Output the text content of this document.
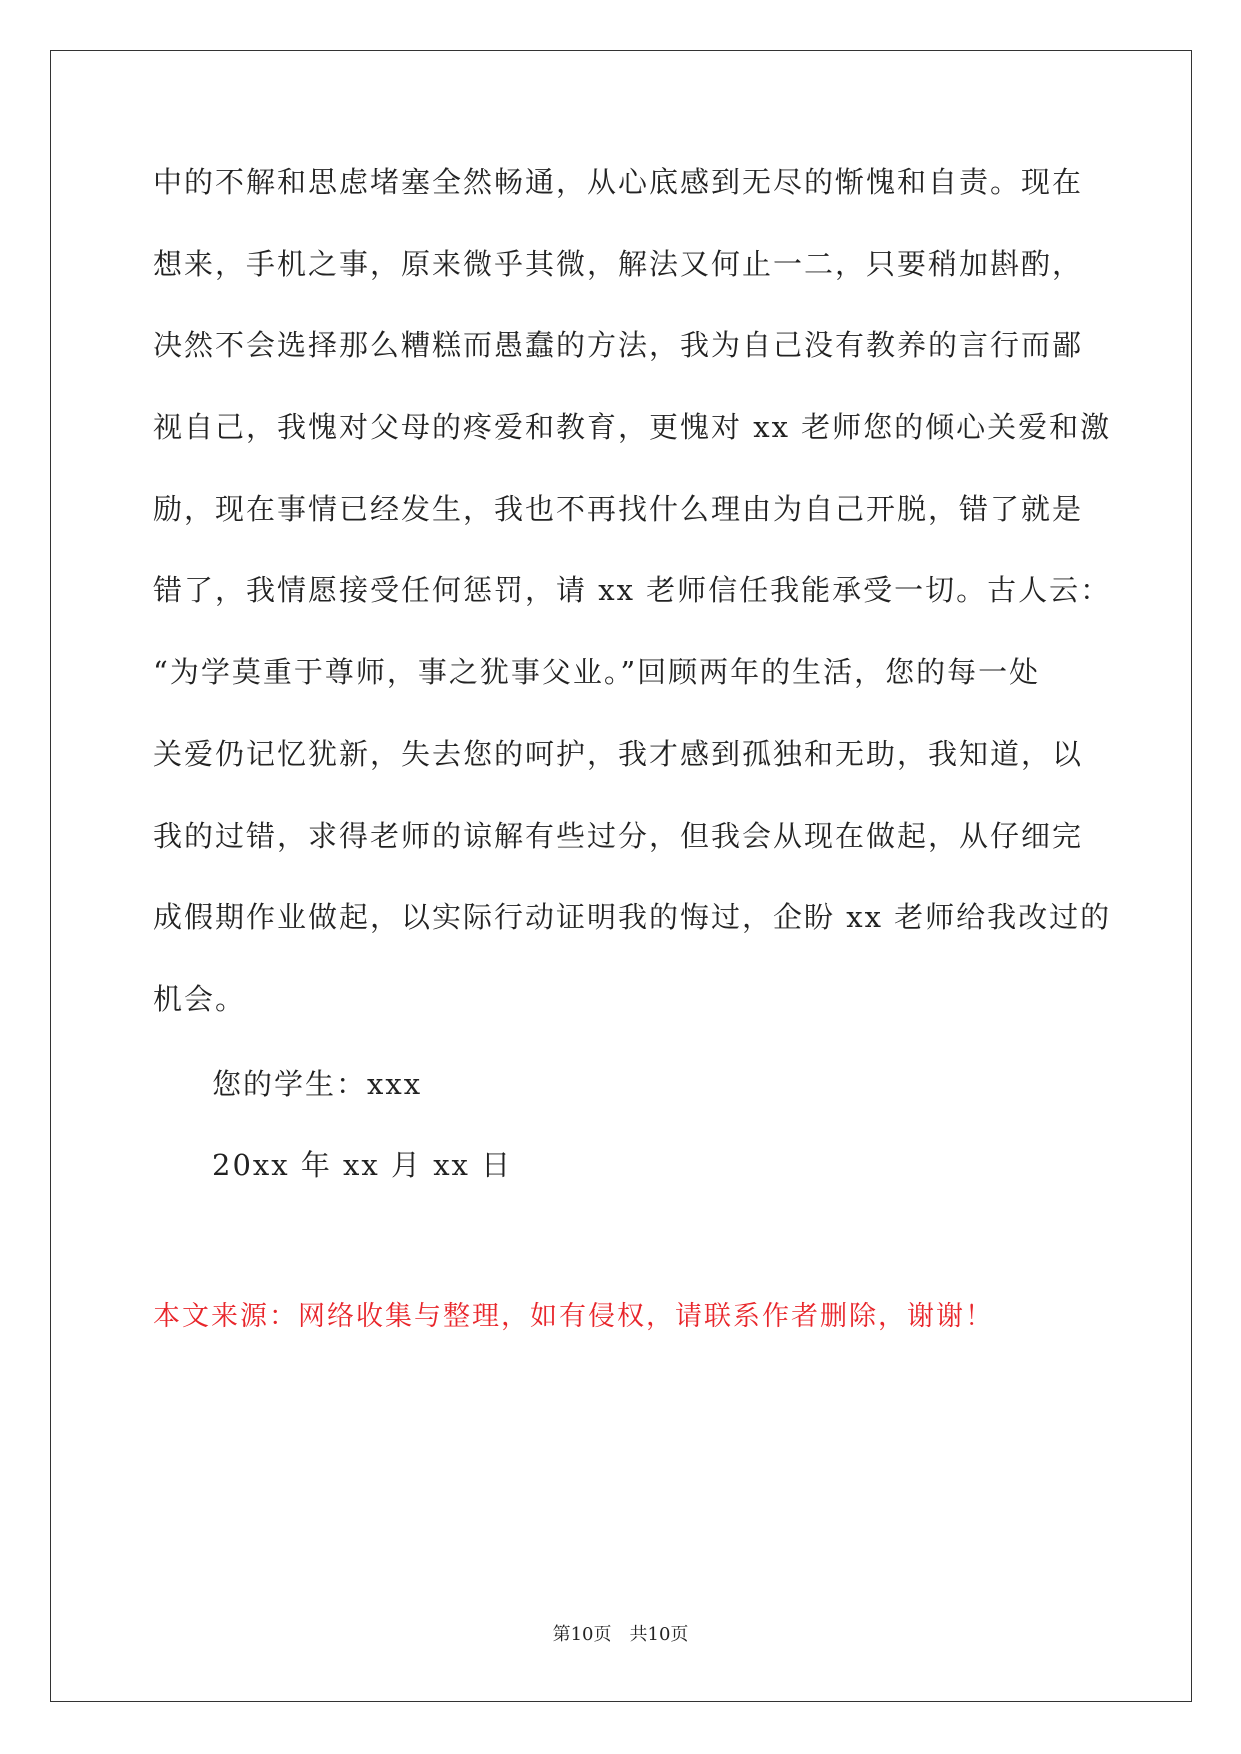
中的不解和思虑堵塞全然畅通，从心底感到无尽的惭愧和自责。现在
想来，手机之事，原来微乎其微，解法又何止一二，只要稍加斟酌，
决然不会选择那么糟糕而愚蠢的方法，我为自己没有教养的言行而鄙
视自己，我愧对父母的疼爱和教育，更愧对 xx 老师您的倾心关爱和激
励，现在事情已经发生，我也不再找什么理由为自己开脱，错了就是
错了，我情愿接受任何惩罚，请 xx 老师信任我能承受一切。古人云：
“为学莫重于尊师，事之犹事父业。”回顾两年的生活，您的每一处
关爱仍记忆犹新，失去您的呵护，我才感到孤独和无助，我知道，以
我的过错，求得老师的谅解有些过分，但我会从现在做起，从仔细完
成假期作业做起，以实际行动证明我的悔过，企盼 xx 老师给我改过的
机会。
您的学生：xxx
20xx 年 xx 月 xx 日
本文来源：网络收集与整理，如有侵权，请联系作者删除，谢谢！
第10页　共10页
